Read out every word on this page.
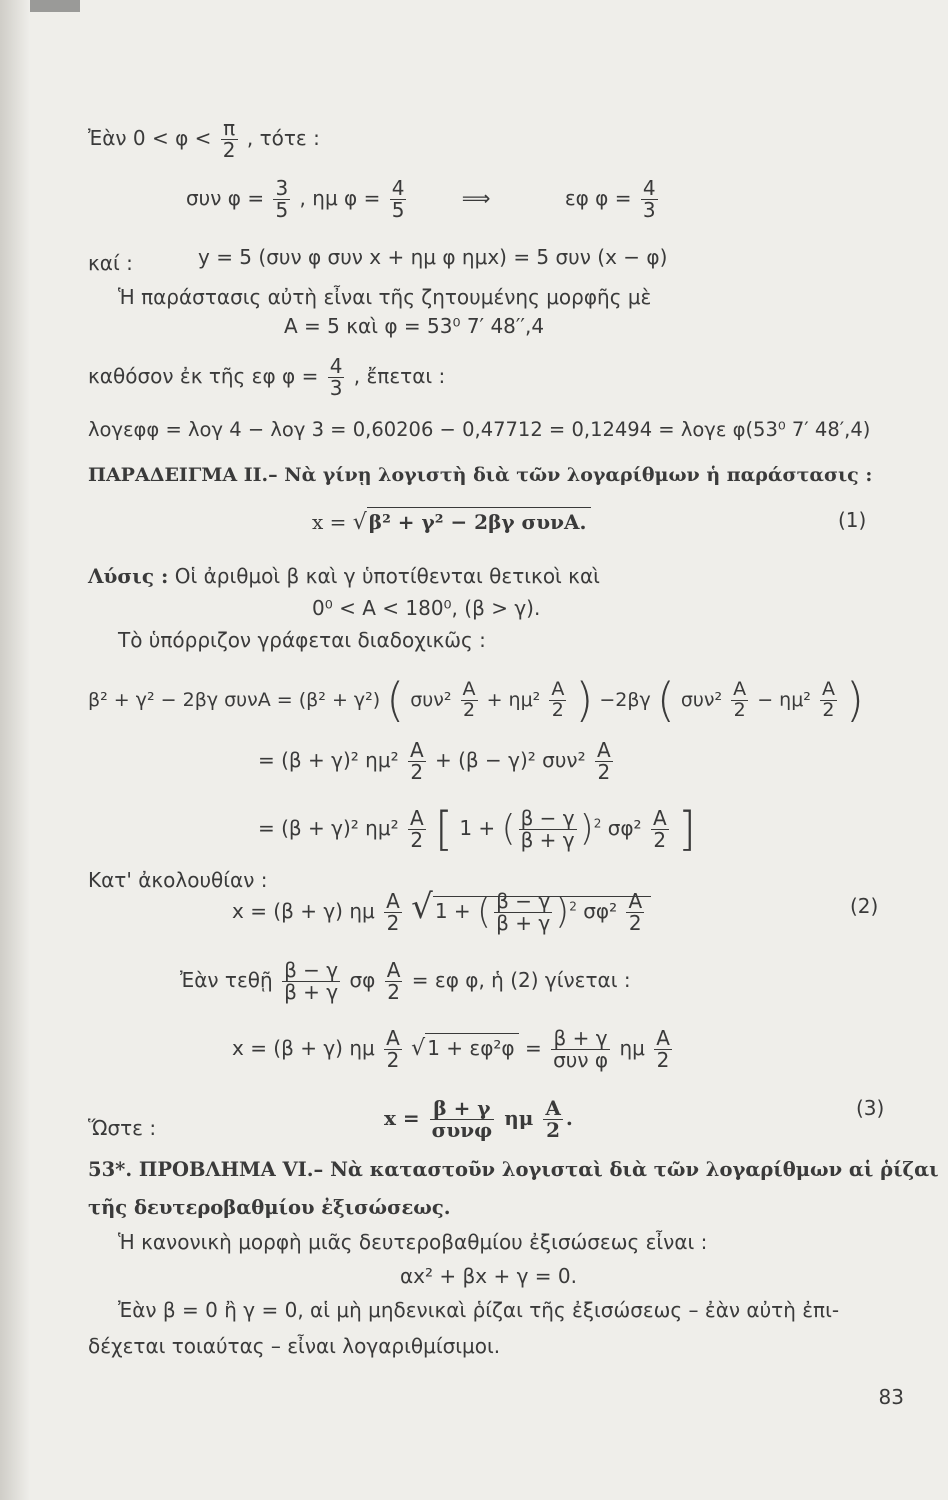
Ἐὰν $0 < \varphi < \frac{\pi}{2}$ , τότε :
συν $\varphi = \frac{3}{5}$ , ημ $\varphi = \frac{4}{5}$	⟹	εφ $\varphi = \frac{4}{3}$
καί :	y = 5 (συν φ συν x + ημ φ ημx) = 5 συν (x − φ)
Ἡ παράστασις αὐτὴ εἶναι τῆς ζητουμένης μορφῆς μὲ
A = 5 καὶ φ = 53⁰ 7′ 48′′,4
καθόσον ἐκ τῆς εφ $\varphi = \frac{4}{3}$ , ἔπεται :
λογεφφ = λογ 4 − λογ 3 = 0,60206 − 0,47712 = 0,12494 = λογε φ(53⁰ 7′ 48′,4)
ΠΑΡΑΔΕΙΓΜΑ II.– Νὰ γίνῃ λογιστὴ διὰ τῶν λογαρίθμων ἡ παράστασις :
x = √ β² + γ² − 2βγ συνA.	(1)
Λύσις : Οἱ ἀριθμοὶ β καὶ γ ὑποτίθενται θετικοὶ καὶ
0⁰ < A < 180⁰, (β > γ).
Τὸ ὑπόρριζον γράφεται διαδοχικῶς :
β² + γ² − 2βγ συνA = (β² + γ²) ( $\sigma\upsilon\nu^2 \frac{A}{2} + \eta\mu^2 \frac{A}{2}$ ) −2βγ ( $\sigma\upsilon\nu^2 \frac{A}{2} - \eta\mu^2 \frac{A}{2}$ )
= (β + γ)² $\eta\mu^2 \frac{A}{2} + (\beta - \gamma)^2$ $\sigma\upsilon\nu^2 \frac{A}{2}$
= (β + γ)² $\eta\mu^2 \frac{A}{2}$ [ 1 + ( $\frac{\beta - \gamma}{\beta + \gamma} )^2$ $\sigma\varphi^2 \frac{A}{2}$ ]
Κατ' ἀκολουθίαν :
x = (β + γ) ημ $\frac{A}{2}$ √ 1 + ( $\frac{\beta - \gamma}{\beta + \gamma} )^2$ $\sigma\varphi^2 \frac{A}{2}$	(2)
Ἐὰν τεθῇ $\frac{\beta - \gamma}{\beta + \gamma}$ σφ $\frac{A}{2} = \varepsilon\varphi$ φ, ἡ (2) γίνεται :
x = (β + γ) ημ $\frac{A}{2}$ √ $1 + \varepsilon\varphi^2\varphi = \frac{\beta + \gamma}{\text{συν φ}}$ ημ $\frac{A}{2}$
Ὥστε :	$x = \frac{\beta + \gamma}{\text{συνφ}}$ ημ $\frac{A}{2}$ .	(3)
53*. ΠΡΟΒΛΗΜΑ VI.– Νὰ καταστοῦν λογισταὶ διὰ τῶν λογαρίθμων αἱ ῥίζαι
τῆς δευτεροβαθμίου ἐξισώσεως.
Ἡ κανονικὴ μορφὴ μιᾶς δευτεροβαθμίου ἐξισώσεως εἶναι :
αx² + βx + γ = 0.
Ἐὰν β = 0 ἢ γ = 0, αἱ μὴ μηδενικαὶ ῥίζαι τῆς ἐξισώσεως – ἐὰν αὐτὴ ἐπι-
δέχεται τοιαύτας – εἶναι λογαριθμίσιμοι.
83
